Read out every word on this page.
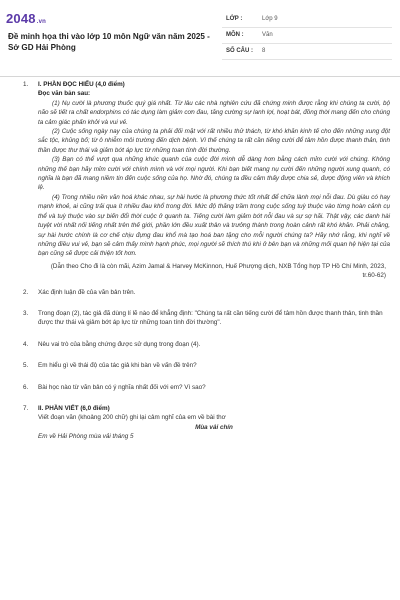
2048.vn
Đề minh họa thi vào lớp 10 môn Ngữ văn năm 2025 - Sở GD Hải Phòng
LỚP :	Lớp 9
MÔN :	Văn
SỐ CÂU : 8
1. I. PHẦN ĐỌC HIỂU (4,0 điểm)
Đọc văn bản sau:
(1) Nụ cười là phương thuốc quý giá nhất. Từ lâu các nhà nghiên cứu đã chứng minh được rằng khi chúng ta cười, bộ não sẽ tiết ra chất endorphins có tác dụng làm giảm cơn đau, tăng cường sự lanh lợi, hoạt bát, đồng thời mang đến cho chúng ta cảm giác phấn khởi và vui vẻ.
(2) Cuộc sống ngày nay của chúng ta phải đối mặt với rất nhiều thử thách, từ khó khăn kinh tế cho đến những xung đột sắc tộc, khủng bố; từ ô nhiễm môi trường đến dịch bệnh. Vì thế chúng ta rất cần tiếng cười để tâm hồn được thanh thản, tinh thần được thư thái và giảm bớt áp lực từ những toan tính đời thường.
(3) Bạn có thể vượt qua những khúc quanh của cuộc đời mình dễ dàng hơn bằng cách mỉm cười với chúng. Không những thế bạn hãy mỉm cười với chính mình và với mọi người. Khi bạn biết mang nụ cười đến những người xung quanh, có nghĩa là bạn đã mang niềm tin đến cuộc sống của họ. Nhờ đó, chúng ta đều cảm thấy được chia sẻ, được động viên và khích lệ.
(4) Trong nhiều nền văn hoá khác nhau, sự hài hước là phương thức tốt nhất để chữa lành mọi nỗi đau. Dù giàu có hay mạnh khoẻ, ai cũng trải qua ít nhiều đau khổ trong đời. Mức độ thăng trầm trong cuộc sống tuỳ thuộc vào từng hoàn cảnh cụ thể và tuỳ thuộc vào sự biến đổi thời cuộc ở quanh ta. Tiếng cười làm giảm bớt nỗi đau và sự sợ hãi. Thật vậy, các danh hài tuyệt vời nhất nối tiếng nhất trên thế giới, phần lớn đều xuất thân và trưởng thành trong hoàn cảnh rất khó khăn. Phải chăng, sự hài hước chính là cơ chế chịu đựng đau khổ mà tạo hoá ban tặng cho mỗi người chúng ta? Hãy nhớ rằng, khi nghĩ về những điều vui vẻ, bạn sẽ cảm thấy mình hạnh phúc, mọi người sẽ thích thú khi ở bên bạn và những mối quan hệ hiện tại của bạn cũng sẽ được cải thiện tốt hơn.
(Dẫn theo Cho đi là còn mãi, Azim Jamal & Harvey McKinnon, Huế Phượng dịch, NXB Tổng hợp TP Hồ Chí Minh, 2023, tr.60-62)
2. Xác định luận đề của văn bản trên.
3. Trong đoạn (2), tác giả đã dùng lí lẽ nào để khẳng định: "Chúng ta rất cần tiếng cười để tâm hồn được thanh thản, tinh thần được thư thái và giảm bớt áp lực từ những toan tính đời thường".
4. Nêu vai trò của bằng chứng được sử dụng trong đoạn (4).
5. Em hiểu gì về thái độ của tác giả khi bàn về vấn đề trên?
6. Bài học nào từ văn bản có ý nghĩa nhất đối với em? Vì sao?
7. II. PHẦN VIẾT (6,0 điểm)
Viết đoạn văn (khoảng 200 chữ) ghi lại cảm nghĩ của em về bài thơ
Mùa vải chín
Em về Hải Phòng mùa vải tháng 5
